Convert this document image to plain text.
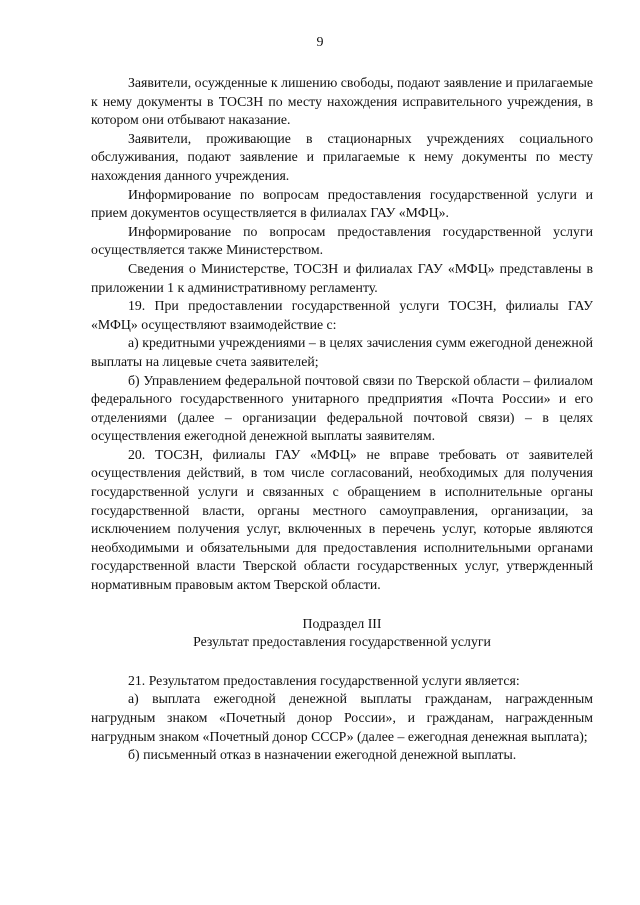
9

Заявители, осужденные к лишению свободы, подают заявление и прилагаемые к нему документы в ТОСЗН по месту нахождения исправительного учреждения, в котором они отбывают наказание.

Заявители, проживающие в стационарных учреждениях социального обслуживания, подают заявление и прилагаемые к нему документы по месту нахождения данного учреждения.

Информирование по вопросам предоставления государственной услуги и прием документов осуществляется в филиалах ГАУ «МФЦ».

Информирование по вопросам предоставления государственной услуги осуществляется также Министерством.

Сведения о Министерстве, ТОСЗН и филиалах ГАУ «МФЦ» представлены в приложении 1 к административному регламенту.

19. При предоставлении государственной услуги ТОСЗН, филиалы ГАУ «МФЦ» осуществляют взаимодействие с:

а) кредитными учреждениями – в целях зачисления сумм ежегодной денежной выплаты на лицевые счета заявителей;

б) Управлением федеральной почтовой связи по Тверской области – филиалом федерального государственного унитарного предприятия «Почта России» и его отделениями (далее – организации федеральной почтовой связи) – в целях осуществления ежегодной денежной выплаты заявителям.

20. ТОСЗН, филиалы ГАУ «МФЦ» не вправе требовать от заявителей осуществления действий, в том числе согласований, необходимых для получения государственной услуги и связанных с обращением в исполнительные органы государственной власти, органы местного самоуправления, организации, за исключением получения услуг, включенных в перечень услуг, которые являются необходимыми и обязательными для предоставления исполнительными органами государственной власти Тверской области государственных услуг, утвержденный нормативным правовым актом Тверской области.

Подраздел III

Результат предоставления государственной услуги

21. Результатом предоставления государственной услуги является:

а) выплата ежегодной денежной выплаты гражданам, награжденным нагрудным знаком «Почетный донор России», и гражданам, награжденным нагрудным знаком «Почетный донор СССР» (далее – ежегодная денежная выплата);

б) письменный отказ в назначении ежегодной денежной выплаты.
